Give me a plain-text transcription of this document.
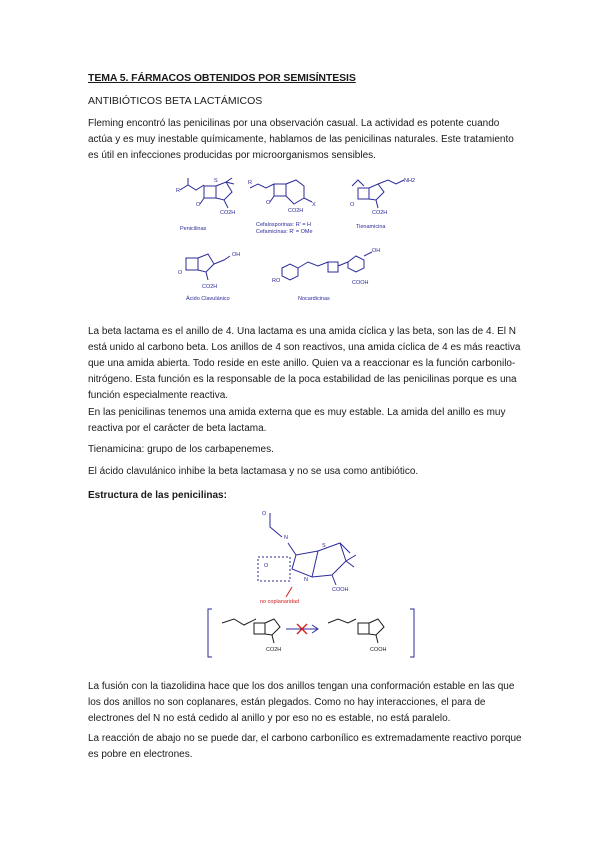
TEMA 5. FÁRMACOS OBTENIDOS POR SEMISÍNTESIS
ANTIBIÓTICOS BETA LACTÁMICOS
Fleming encontró las penicilinas por una observación casual. La actividad es potente cuando actúa y es muy inestable químicamente, hablamos de las penicilinas naturales. Este tratamiento es útil en infecciones producidas por microorganismos sensibles.
R
O
S
CO2H
Penicilinas
R
O
CO2H
X
Cefalosporinas: R' = H
Cefamicinas: R' = OMe
NH2
O
CO2H
Tienamicina
OH
O
CO2H
Ácido Clavulánico
RO
OH
COOH
Nocardicinas
La beta lactama es el anillo de 4. Una lactama es una amida cíclica y las beta, son las de 4. El N está unido al carbono beta. Los anillos de 4 son reactivos, una amida cíclica de 4 es más reactiva que una amida abierta. Todo reside en este anillo. Quien va a reaccionar es la función carbonilo-nitrógeno. Esta función es la responsable de la poca estabilidad de las penicilinas porque es una función especialmente reactiva.
En las penicilinas tenemos una amida externa que es muy estable. La amida del anillo es muy reactiva por el carácter de beta lactama.
Tienamicina: grupo de los carbapenemes.
El ácido clavulánico inhibe la beta lactamasa y no se usa como antibiótico.
Estructura de las penicilinas:
O
N
O
N
S
COOH
no coplanaridad
CO2H	COOH
La fusión con la tiazolidina hace que los dos anillos tengan una conformación estable en las que los dos anillos no son coplanares, están plegados. Como no hay interacciones, el para de electrones del N no está cedido al anillo y por eso no es estable, no está paralelo.
La reacción de abajo no se puede dar, el carbono carbonílico es extremadamente reactivo porque es pobre en electrones.
